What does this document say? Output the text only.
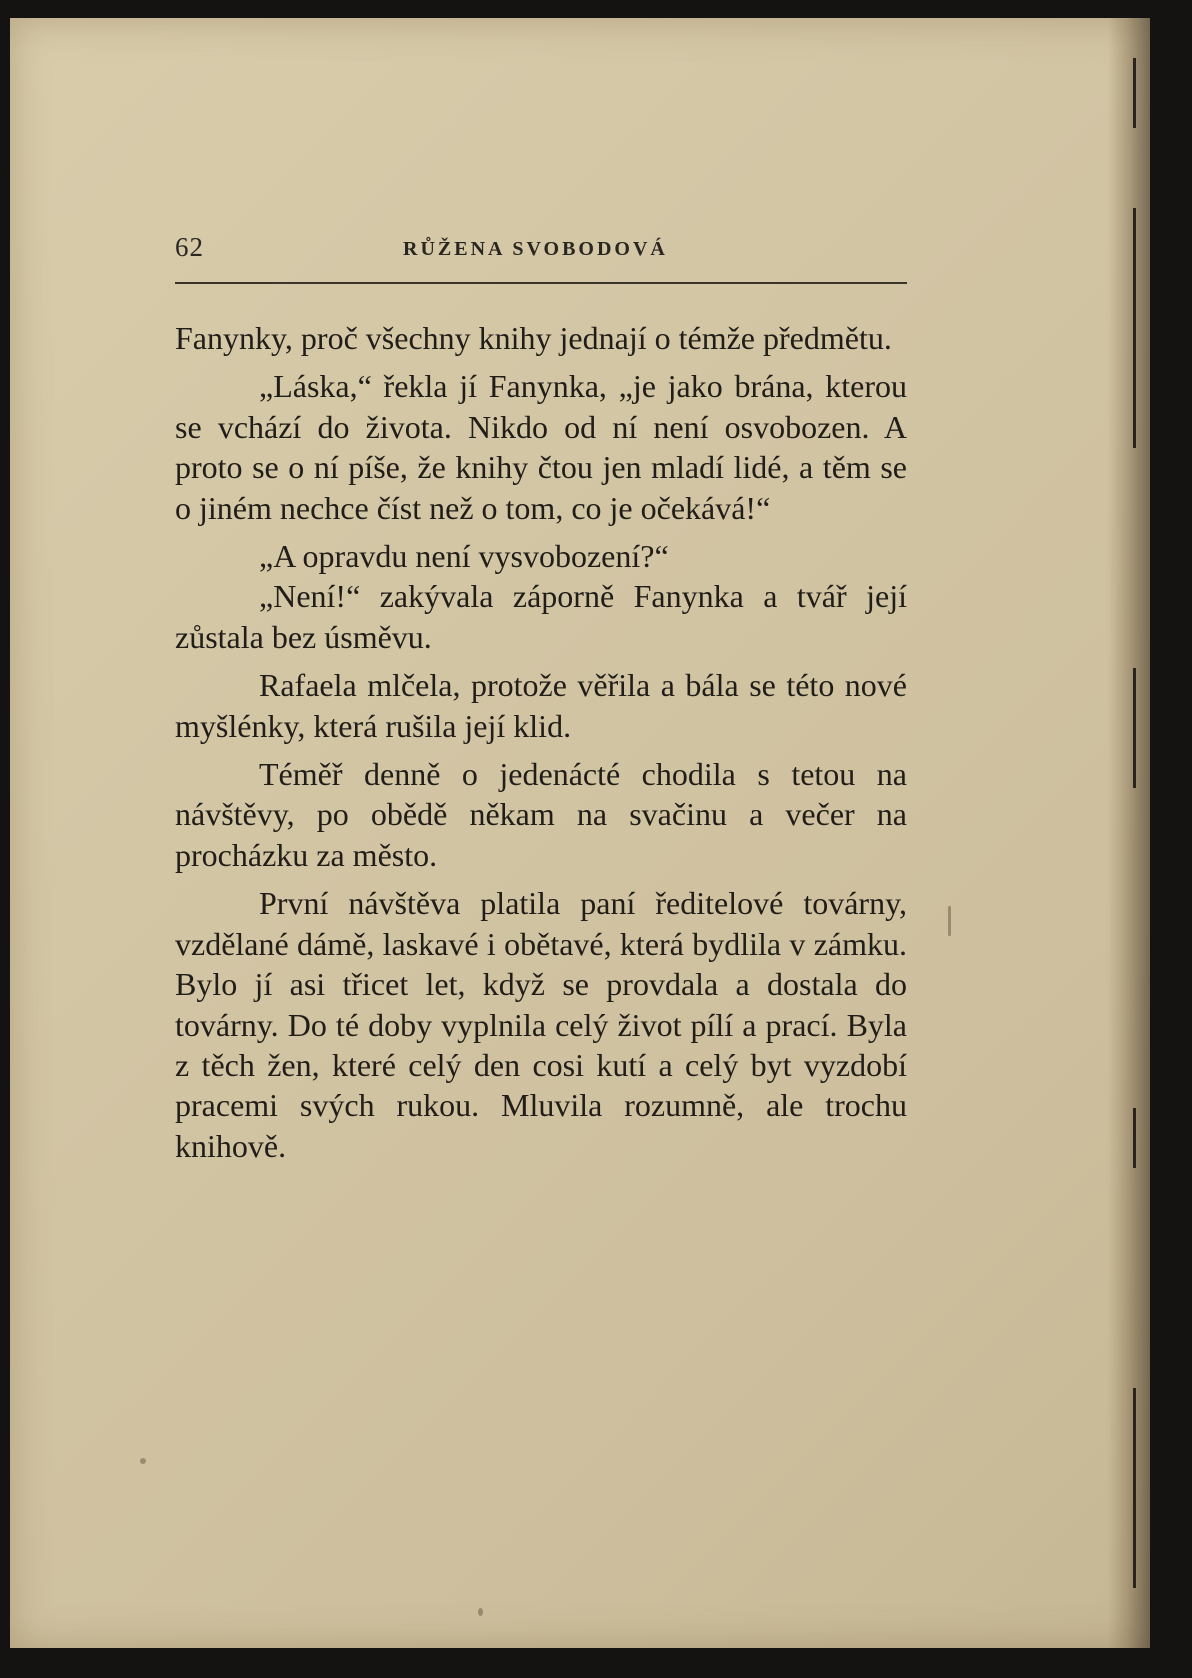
62	RŮŽENA SVOBODOVÁ

Fanynky, proč všechny knihy jednají o témže předmětu.

„Láska,“ řekla jí Fanynka, „je jako brána, kterou se vchází do života. Nikdo od ní není osvobozen. A proto se o ní píše, že knihy čtou jen mladí lidé, a těm se o jiném nechce číst než o tom, co je očekává!“

„A opravdu není vysvobození?“

„Není!“ zakývala záporně Fanynka a tvář její zůstala bez úsměvu.

Rafaela mlčela, protože věřila a bála se této nové myšlénky, která rušila její klid.

Téměř denně o jedenácté chodila s tetou na návštěvy, po obědě někam na svačinu a večer na procházku za město.

První návštěva platila paní ředitelové továrny, vzdělané dámě, laskavé i obětavé, která bydlila v zámku. Bylo jí asi třicet let, když se provdala a dostala do továrny. Do té doby vyplnila celý život pílí a prací. Byla z těch žen, které celý den cosi kutí a celý byt vyzdobí pracemi svých rukou. Mluvila rozumně, ale trochu knihově.
